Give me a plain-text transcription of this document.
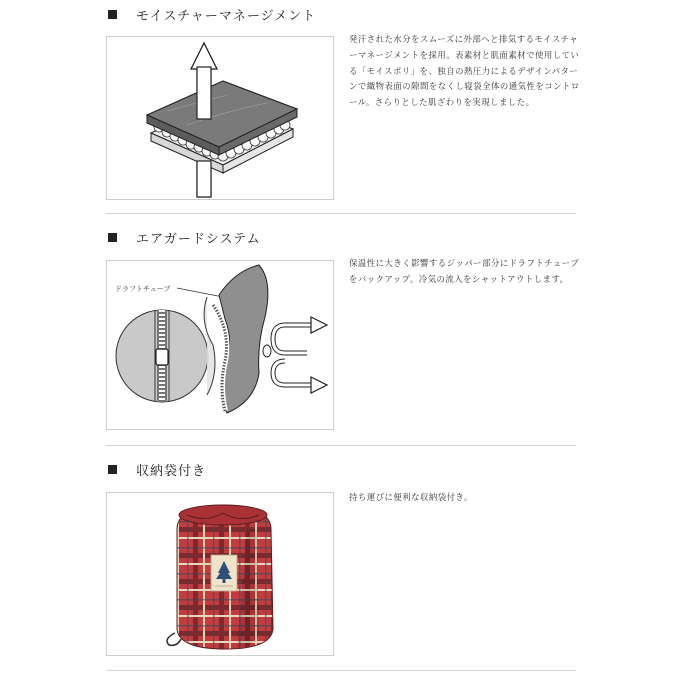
モイスチャーマネージメント
発汗された水分をスムーズに外部へと排気するモイスチャーマネージメントを採用。表素材と肌面素材で使用している「モイスポリ」を、独自の熱圧力によるデザインパターンで織物表面の隙間をなくし寝袋全体の通気性をコントロール。さらりとした肌ざわりを実現しました。
エアガードシステム
ドラフトチューブ
保温性に大きく影響するジッパー部分にドラフトチューブをバックアップ。冷気の流入をシャットアウトします。
収納袋付き
持ち運びに便利な収納袋付き。
